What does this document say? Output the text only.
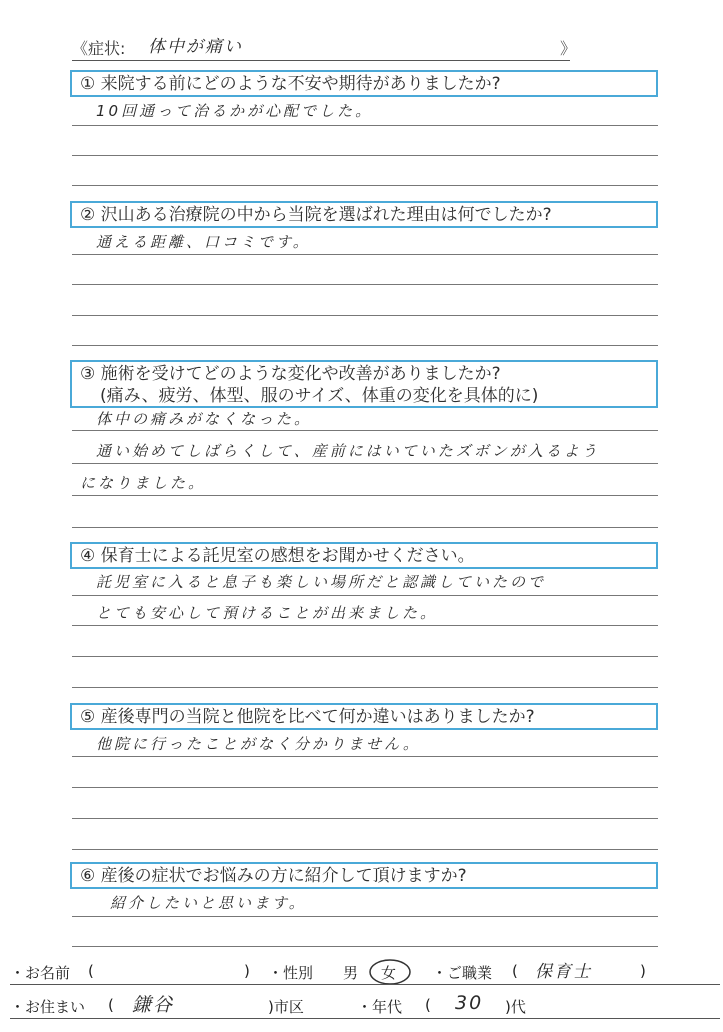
《症状: 体中が痛い	》
① 来院する前にどのような不安や期待がありましたか?
10回通って治るかが心配でした。
② 沢山ある治療院の中から当院を選ばれた理由は何でしたか?
通える距離、口コミです。
③ 施術を受けてどのような変化や改善がありましたか?
(痛み、疲労、体型、服のサイズ、体重の変化を具体的に)
体中の痛みがなくなった。
通い始めてしばらくして、産前にはいていたズボンが入るよう
になりました。
④ 保育士による託児室の感想をお聞かせください。
託児室に入ると息子も楽しい場所だと認識していたので
とても安心して預けることが出来ました。
⑤ 産後専門の当院と他院を比べて何か違いはありましたか?
他院に行ったことがなく分かりません。
⑥ 産後の症状でお悩みの方に紹介して頂けますか?
紹介したいと思います。
・お名前 (	) ・性別 男 女 ・ご職業 ( 保育士	)
・お住まい ( 鎌谷	)市区	・年代 ( 30 )代
